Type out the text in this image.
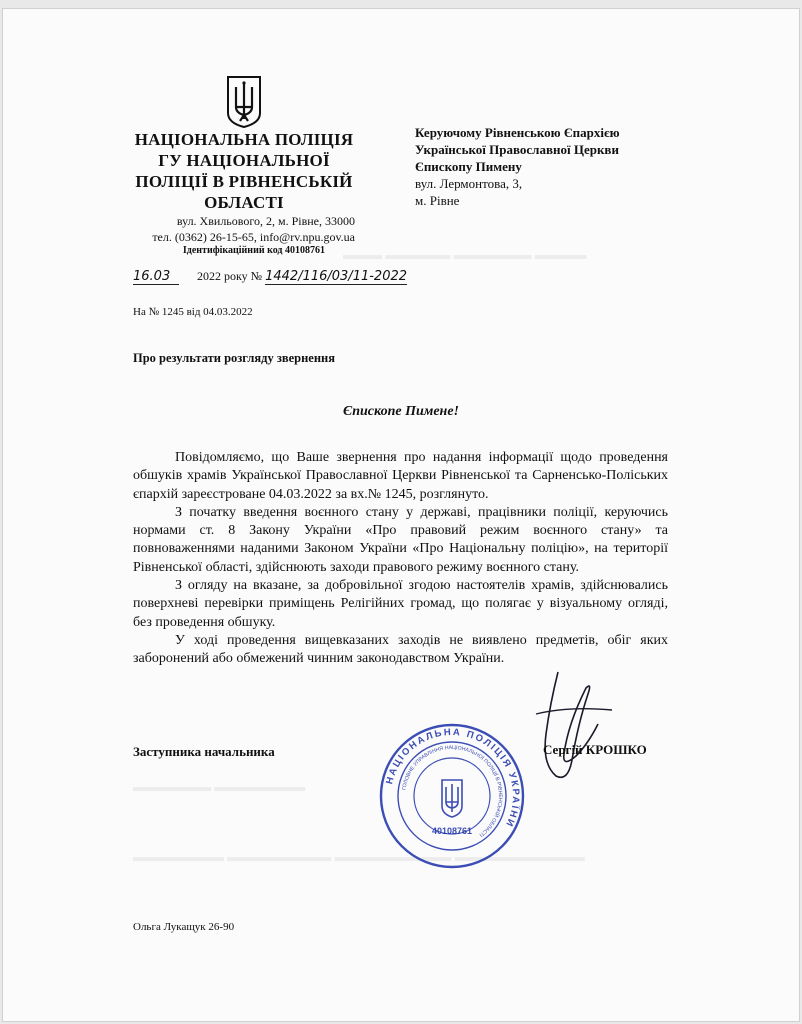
▬▬▬ ▬▬▬▬▬ ▬▬▬▬▬▬ ▬▬▬▬
▬▬▬▬▬▬ ▬▬▬▬▬▬▬
▬▬▬▬▬▬▬ ▬▬▬▬▬▬▬▬ ▬▬▬▬▬▬▬▬▬ ▬▬▬▬▬▬▬▬▬▬
НАЦІОНАЛЬНА ПОЛІЦІЯ
ГУ НАЦІОНАЛЬНОЇ
ПОЛІЦІЇ В РІВНЕНСЬКІЙ
ОБЛАСТІ
вул. Хвильового, 2, м. Рівне, 33000
тел. (0362) 26-15-65, info@rv.npu.gov.ua
Ідентифікаційний код 40108761
Керуючому Рівненською Єпархією
Української Православної Церкви
Єпископу Пимену
вул. Лермонтова, 3,
м. Рівне
16.03 2022 року № 1442/116/03/11-2022
На № 1245 від 04.03.2022
Про результати розгляду звернення
Єпископе Пимене!

Повідомляємо, що Ваше звернення про надання інформації щодо проведення обшуків храмів Української Православної Церкви Рівненської та Сарненсько-Поліських єпархій зареєстроване 04.03.2022 за вх.№ 1245, розглянуто.

З початку введення воєнного стану у державі, працівники поліції, керуючись нормами ст. 8 Закону України «Про правовий режим воєнного стану» та повноваженнями наданими Законом України «Про Національну поліцію», на території Рівненської області, здійснюють заходи правового режиму воєнного стану.

З огляду на вказане, за добровільної згодою настоятелів храмів, здійснювались поверхневі перевірки приміщень Релігійних громад, що полягає у візуальному огляді, без проведення обшуку.

У ході проведення вищевказаних заходів не виявлено предметів, обіг яких заборонений або обмежений чинним законодавством України.

Заступника начальника
НАЦІОНАЛЬНА ПОЛІЦІЯ УКРАЇНИ
ГОЛОВНЕ УПРАВЛІННЯ НАЦІОНАЛЬНОЇ ПОЛІЦІЇ В РІВНЕНСЬКІЙ ОБЛАСТІ
40108761
Сергій КРОШКО
Ольга Лукащук 26-90
